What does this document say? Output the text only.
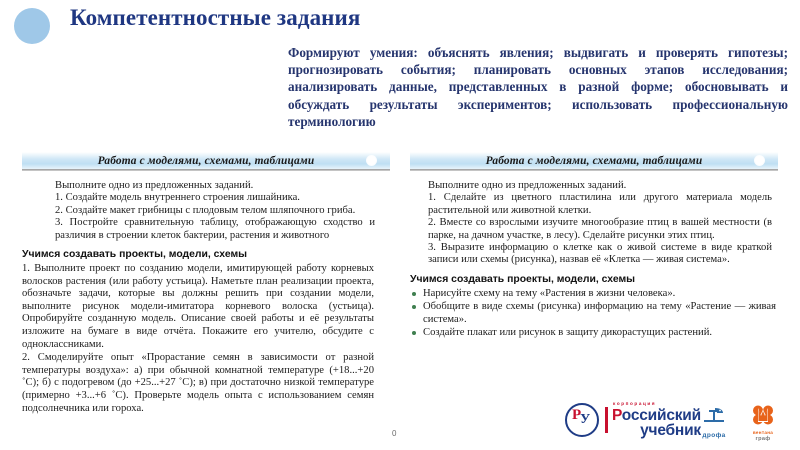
Компетентностные задания
Формируют умения: объяснять явления; выдвигать и проверять гипотезы; прогнозировать события; планировать основных этапов исследования; анализировать данные, представленных в разной форме; обосновывать и обсуждать результаты экспериментов; использовать профессиональную терминологию
Работа с моделями, схемами, таблицами

Выполните одно из предложенных заданий.

1. Создайте модель внутреннего строения лишайника.

2. Создайте макет грибницы с плодовым телом шляпочного гриба.

3. Постройте сравнительную таблицу, отображающую сходство и различия в строении клеток бактерии, растения и животного

Учимся создавать проекты, модели, схемы
1. Выполните проект по созданию модели, имитирующей работу корневых волосков растения (или работу устьица). Наметьте план реализации проекта, обозначьте задачи, которые вы должны решить при создании модели, выполните рисунок модели-имитатора корневого волоска (устьица). Опробируйте созданную модель. Описание своей работы и её результаты изложите на бумаге в виде отчёта. Покажите его учителю, обсудите с одноклассниками.
2. Смоделируйте опыт «Прорастание семян в зависимости от разной температуры воздуха»: а) при обычной комнатной температуре (+18...+20 ˚С); б) с подогревом (до +25...+27 ˚С); в) при достаточно низкой температуре (примерно +3...+6 ˚С). Проверьте модель опыта с использованием семян подсолнечника или гороха.
Работа с моделями, схемами, таблицами

Выполните одно из предложенных заданий.

1. Сделайте из цветного пластилина или другого материала модель растительной или животной клетки.

2. Вместе со взрослыми изучите многообразие птиц в вашей местности (в парке, на дачном участке, в лесу). Сделайте рисунки этих птиц.

3. Выразите информацию о клетке как о живой системе в виде краткой записи или схемы (рисунка), назвав её «Клетка — живая система».

Учимся создавать проекты, модели, схемы
Нарисуйте схему на тему «Растения в жизни человека».
Обобщите в виде схемы (рисунка) информацию на тему «Растение — живая система».
Создайте плакат или рисунок в защиту дикорастущих растений.
0
Р
У
корпорация
Российский
учебник дрофа	вентана
граф
